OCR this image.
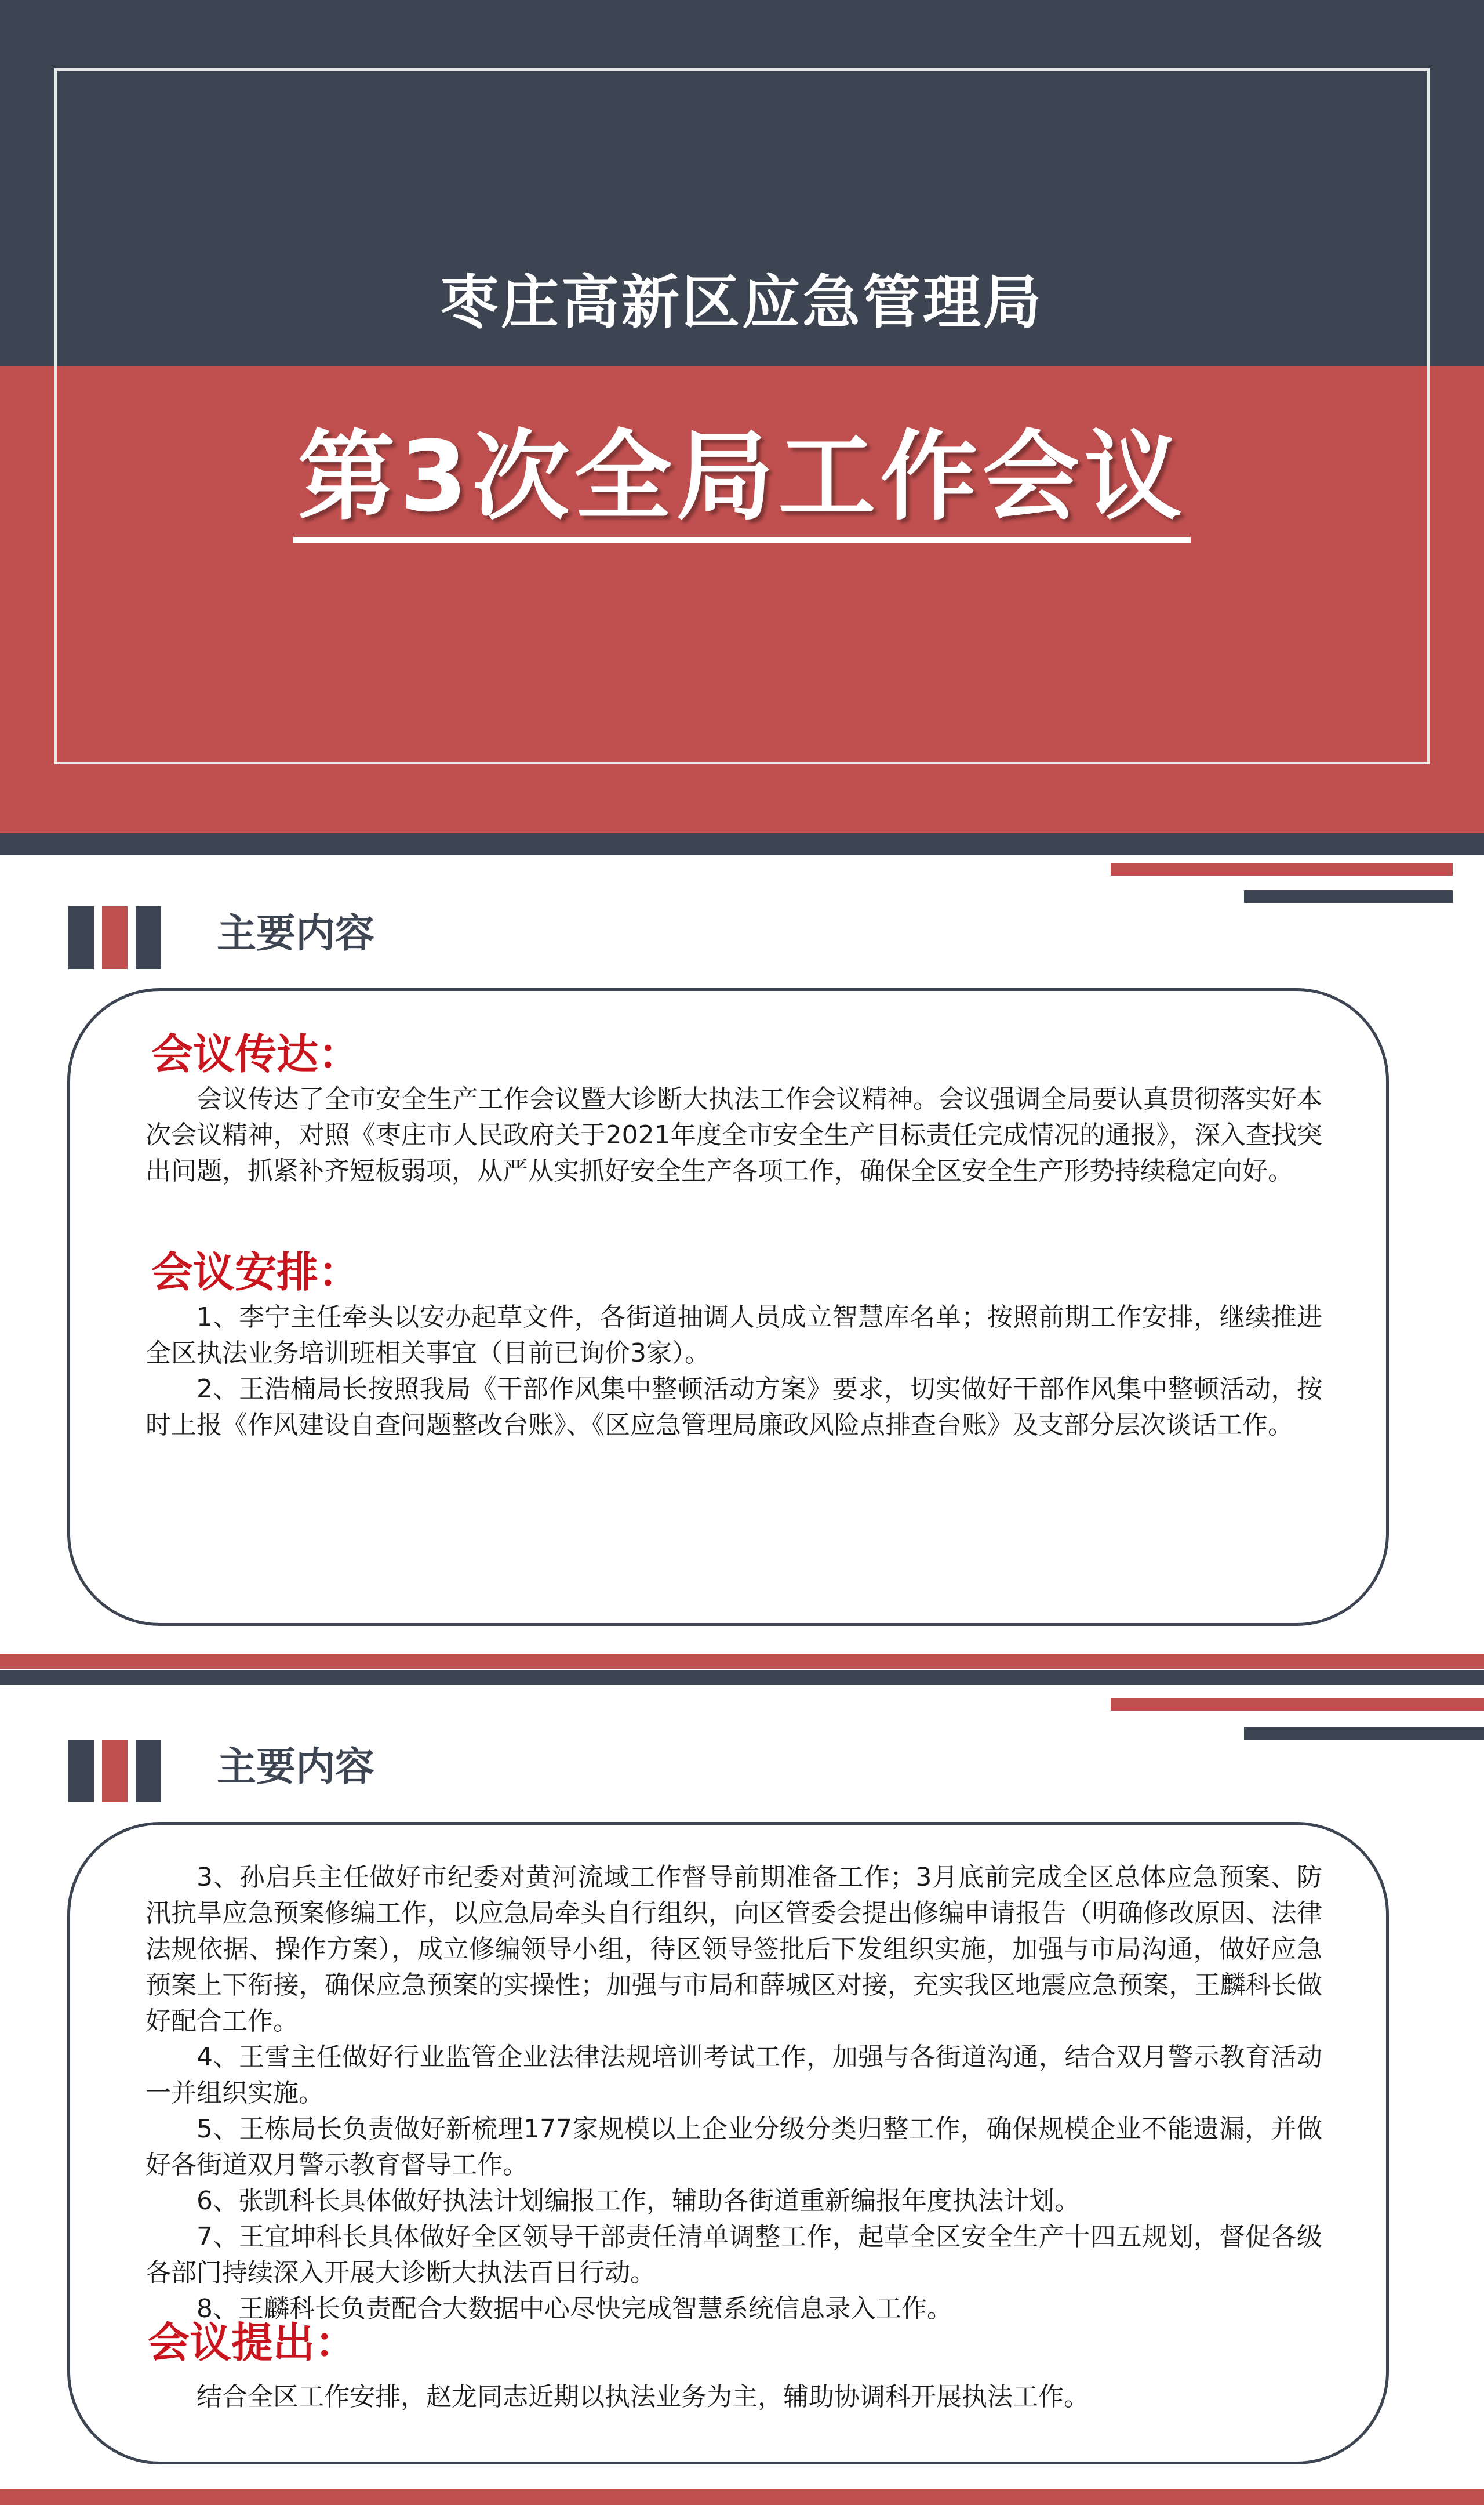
枣庄高新区应急管理局
第3次全局工作会议
主要内容
会议传达：

会议传达了全市安全生产工作会议暨大诊断大执法工作会议精神。会议强调全局要认真贯彻落实好本次会议精神，对照《枣庄市人民政府关于2021年度全市安全生产目标责任完成情况的通报》，深入查找突出问题，抓紧补齐短板弱项，从严从实抓好安全生产各项工作，确保全区安全生产形势持续稳定向好。

会议安排：

1、李宁主任牵头以安办起草文件，各街道抽调人员成立智慧库名单；按照前期工作安排，继续推进全区执法业务培训班相关事宜（目前已询价3家）。

2、王浩楠局长按照我局《干部作风集中整顿活动方案》要求，切实做好干部作风集中整顿活动，按时上报《作风建设自查问题整改台账》、《区应急管理局廉政风险点排查台账》及支部分层次谈话工作。

主要内容

3、孙启兵主任做好市纪委对黄河流域工作督导前期准备工作；3月底前完成全区总体应急预案、防汛抗旱应急预案修编工作，以应急局牵头自行组织，向区管委会提出修编申请报告（明确修改原因、法律法规依据、操作方案），成立修编领导小组，待区领导签批后下发组织实施，加强与市局沟通，做好应急预案上下衔接，确保应急预案的实操性；加强与市局和薛城区对接，充实我区地震应急预案，王麟科长做好配合工作。

4、王雪主任做好行业监管企业法律法规培训考试工作，加强与各街道沟通，结合双月警示教育活动一并组织实施。

5、王栋局长负责做好新梳理177家规模以上企业分级分类归整工作，确保规模企业不能遗漏，并做好各街道双月警示教育督导工作。

6、张凯科长具体做好执法计划编报工作，辅助各街道重新编报年度执法计划。

7、王宜坤科长具体做好全区领导干部责任清单调整工作，起草全区安全生产十四五规划，督促各级各部门持续深入开展大诊断大执法百日行动。

8、王麟科长负责配合大数据中心尽快完成智慧系统信息录入工作。

会议提出：

结合全区工作安排，赵龙同志近期以执法业务为主，辅助协调科开展执法工作。
